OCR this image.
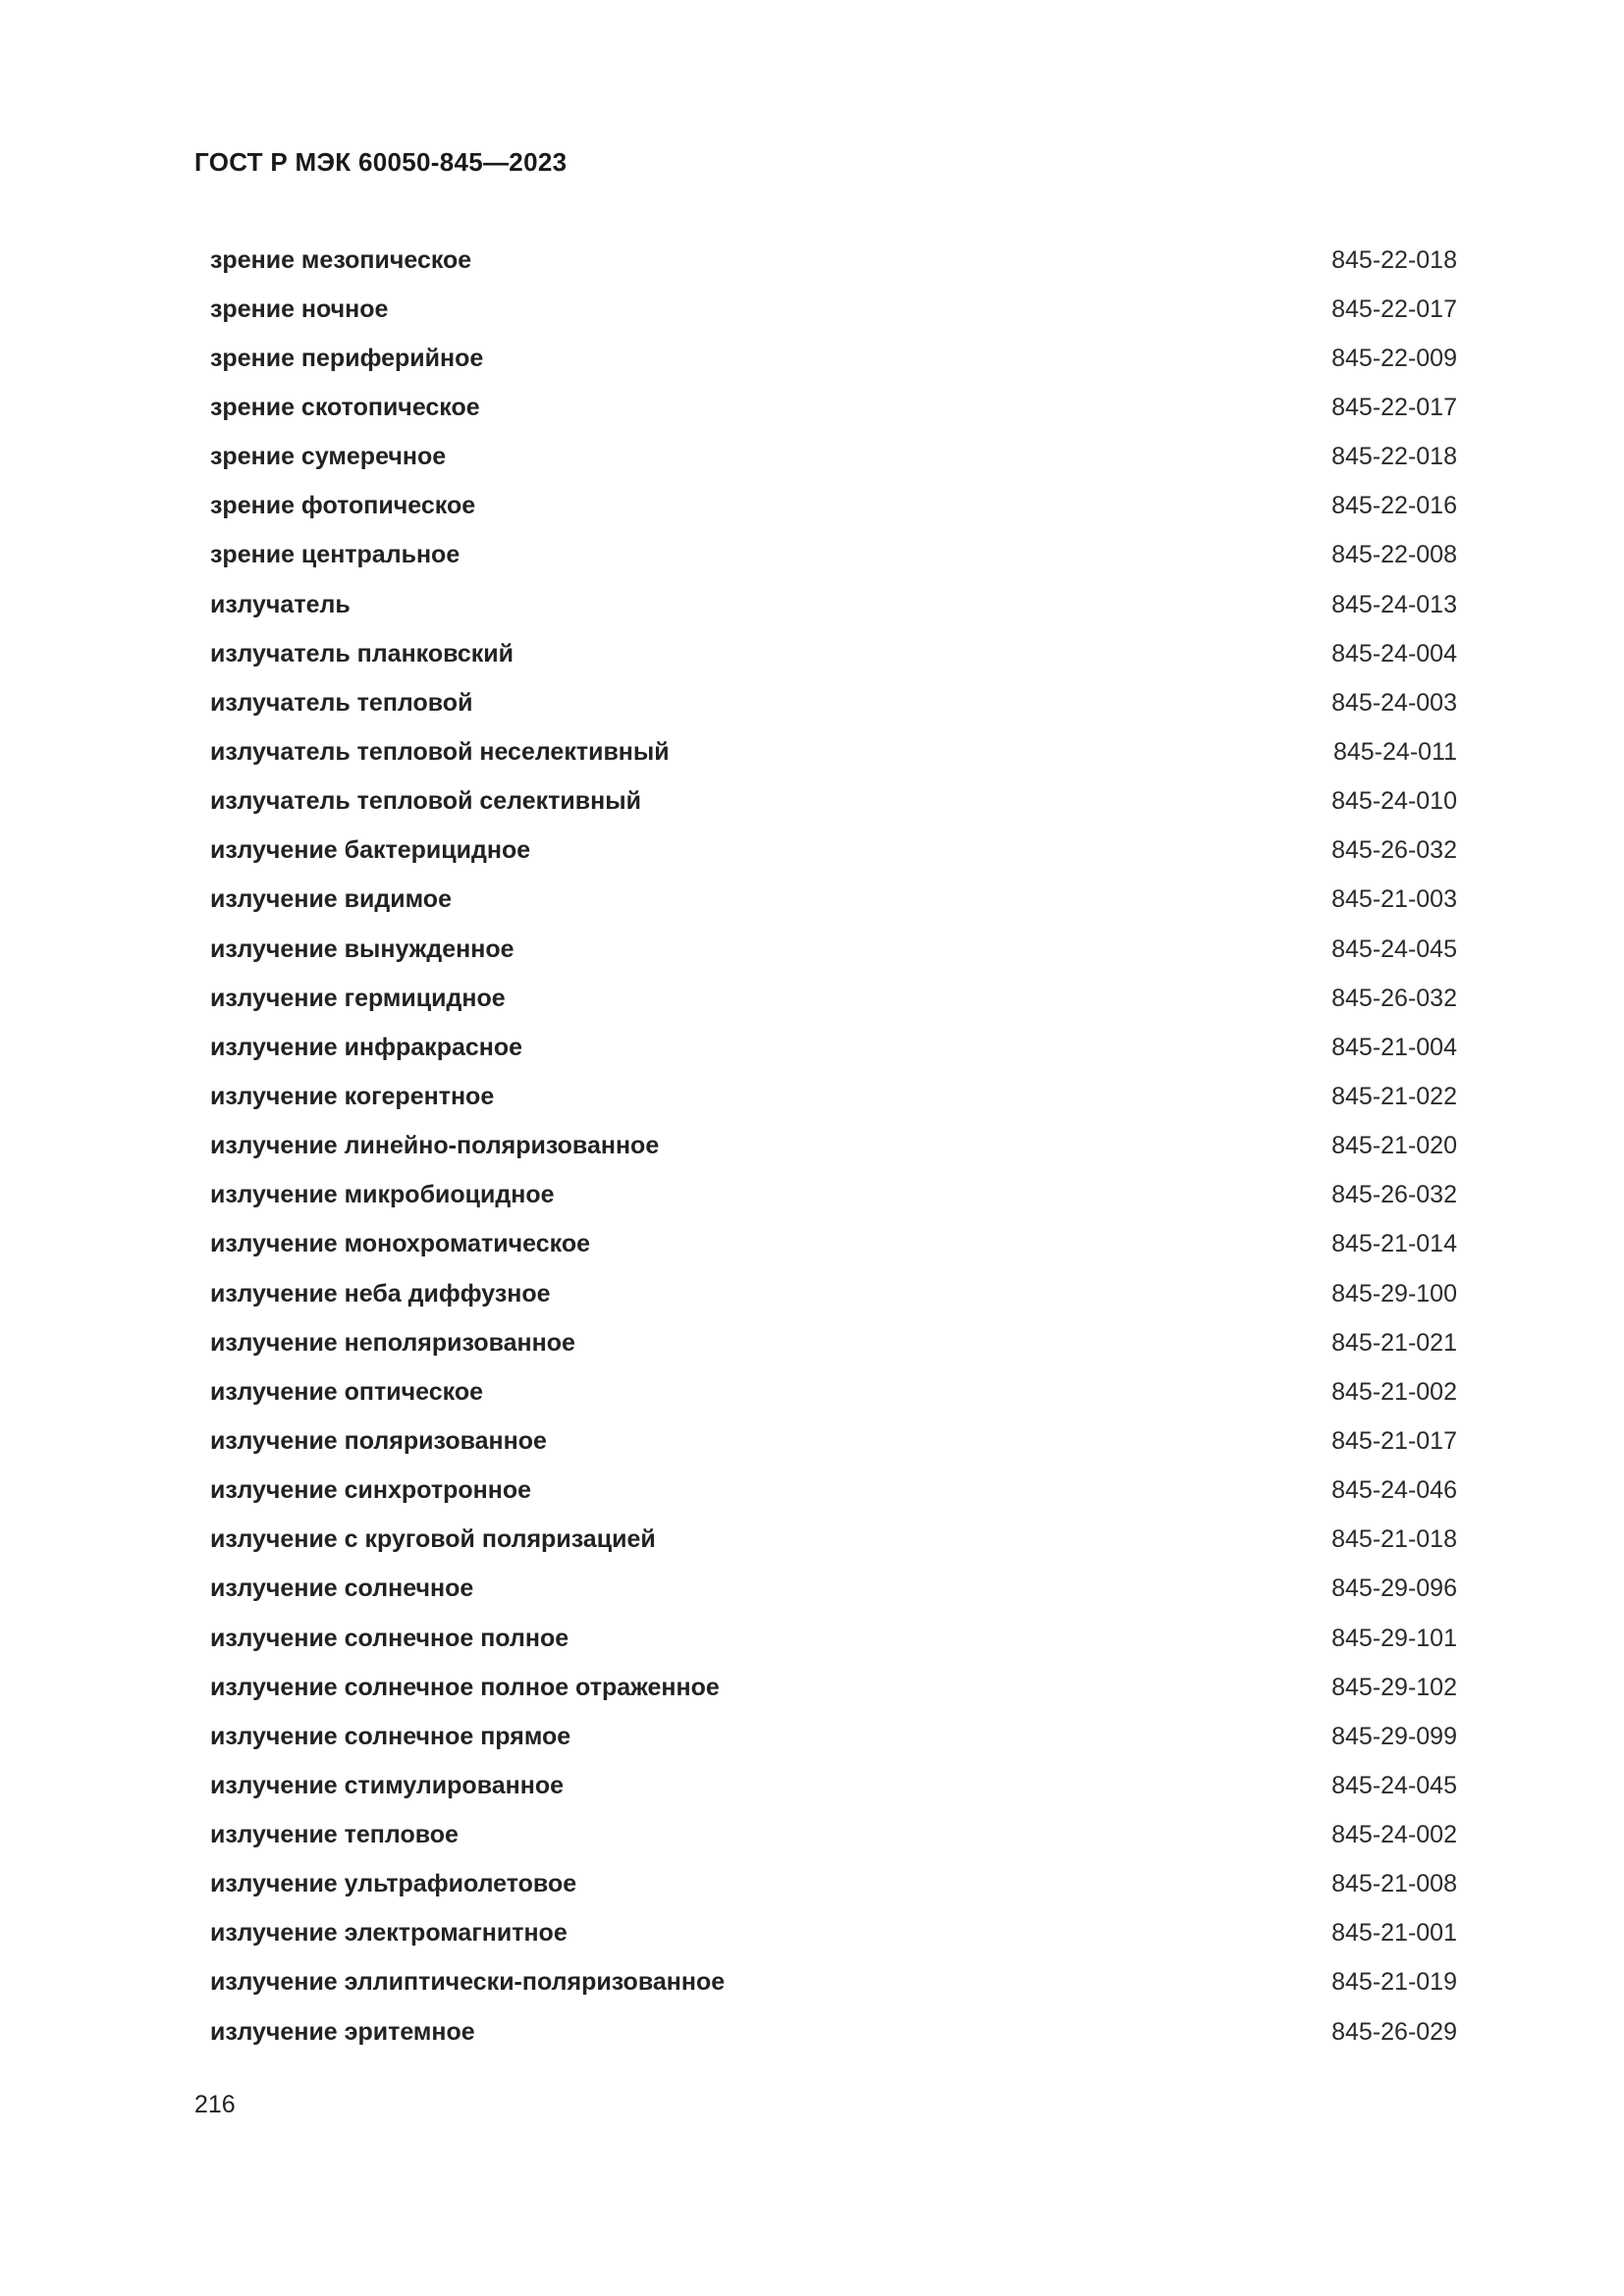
ГОСТ Р МЭК 60050-845—2023
зрение мезопическое	845-22-018
зрение ночное	845-22-017
зрение периферийное	845-22-009
зрение скотопическое	845-22-017
зрение сумеречное	845-22-018
зрение фотопическое	845-22-016
зрение центральное	845-22-008
излучатель	845-24-013
излучатель планковский	845-24-004
излучатель тепловой	845-24-003
излучатель тепловой неселективный	845-24-011
излучатель тепловой селективный	845-24-010
излучение бактерицидное	845-26-032
излучение видимое	845-21-003
излучение вынужденное	845-24-045
излучение гермицидное	845-26-032
излучение инфракрасное	845-21-004
излучение когерентное	845-21-022
излучение линейно-поляризованное	845-21-020
излучение микробиоцидное	845-26-032
излучение монохроматическое	845-21-014
излучение неба диффузное	845-29-100
излучение неполяризованное	845-21-021
излучение оптическое	845-21-002
излучение поляризованное	845-21-017
излучение синхротронное	845-24-046
излучение с круговой поляризацией	845-21-018
излучение солнечное	845-29-096
излучение солнечное полное	845-29-101
излучение солнечное полное отраженное	845-29-102
излучение солнечное прямое	845-29-099
излучение стимулированное	845-24-045
излучение тепловое	845-24-002
излучение ультрафиолетовое	845-21-008
излучение электромагнитное	845-21-001
излучение эллиптически-поляризованное	845-21-019
излучение эритемное	845-26-029
216
